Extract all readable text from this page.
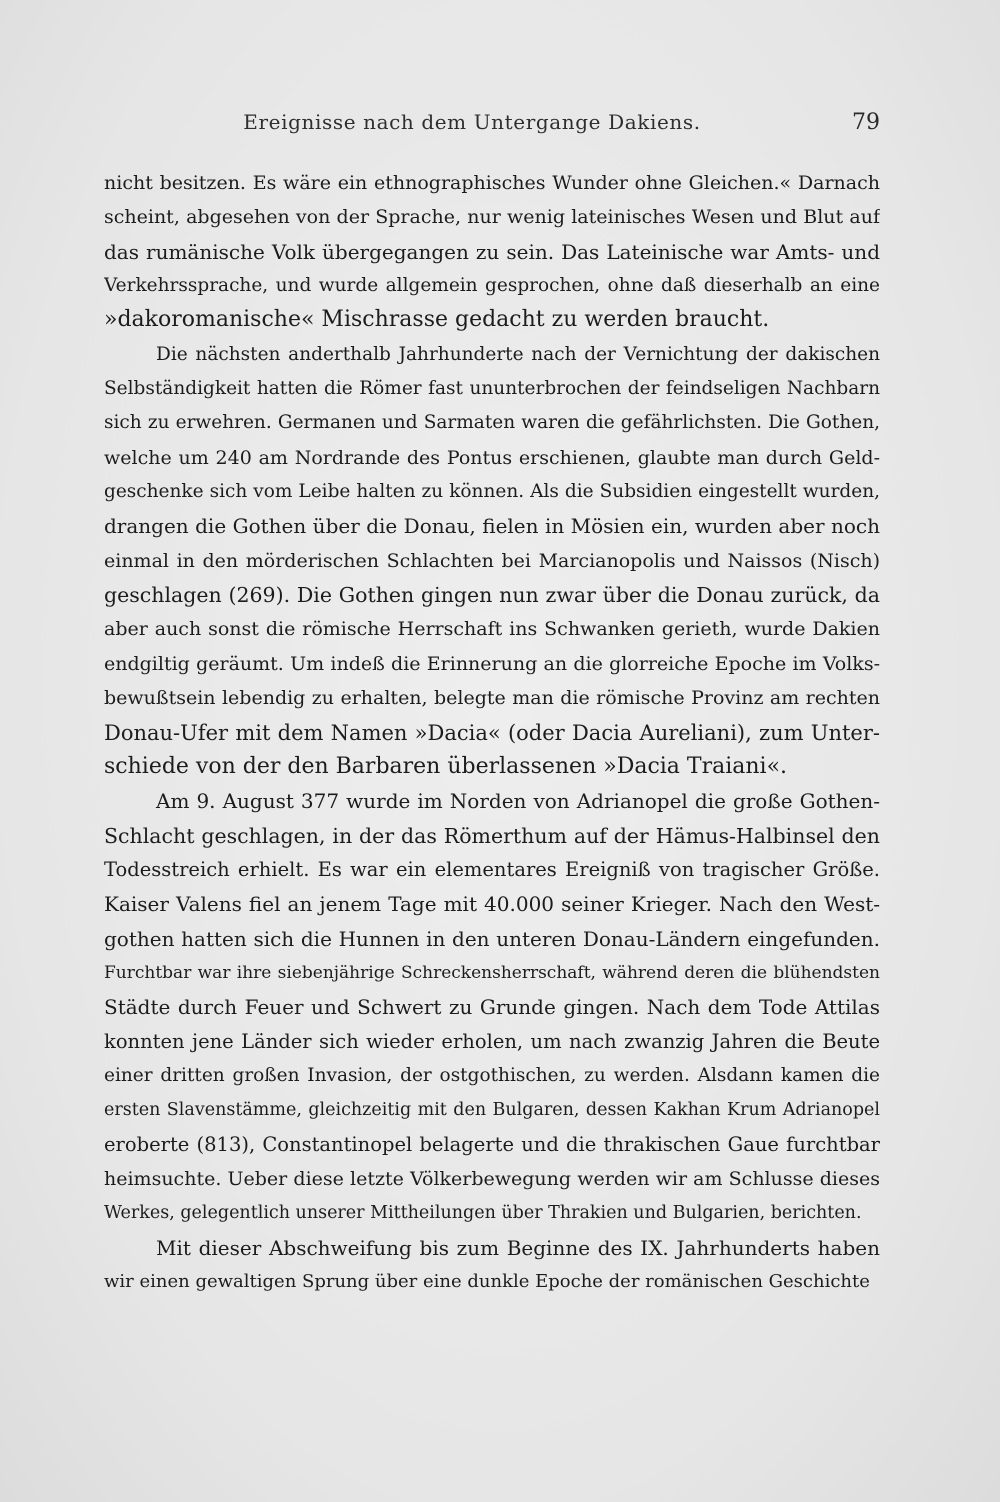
Ereignisse nach dem Untergange Dakiens.	79
nicht besitzen. Es wäre ein ethnographisches Wunder ohne Gleichen.« Darnach
scheint, abgesehen von der Sprache, nur wenig lateinisches Wesen und Blut auf
das rumänische Volk übergegangen zu sein. Das Lateinische war Amts- und
Verkehrssprache, und wurde allgemein gesprochen, ohne daß dieserhalb an eine
»dakoromanische« Mischrasse gedacht zu werden braucht.
Die nächsten anderthalb Jahrhunderte nach der Vernichtung der dakischen
Selbständigkeit hatten die Römer fast ununterbrochen der feindseligen Nachbarn
sich zu erwehren. Germanen und Sarmaten waren die gefährlichsten. Die Gothen,
welche um 240 am Nordrande des Pontus erschienen, glaubte man durch Geld-
geschenke sich vom Leibe halten zu können. Als die Subsidien eingestellt wurden,
drangen die Gothen über die Donau, fielen in Mösien ein, wurden aber noch
einmal in den mörderischen Schlachten bei Marcianopolis und Naissos (Nisch)
geschlagen (269). Die Gothen gingen nun zwar über die Donau zurück, da
aber auch sonst die römische Herrschaft ins Schwanken gerieth, wurde Dakien
endgiltig geräumt. Um indeß die Erinnerung an die glorreiche Epoche im Volks-
bewußtsein lebendig zu erhalten, belegte man die römische Provinz am rechten
Donau-Ufer mit dem Namen »Dacia« (oder Dacia Aureliani), zum Unter-
schiede von der den Barbaren überlassenen »Dacia Traiani«.
Am 9. August 377 wurde im Norden von Adrianopel die große Gothen-
Schlacht geschlagen, in der das Römerthum auf der Hämus-Halbinsel den
Todesstreich erhielt. Es war ein elementares Ereigniß von tragischer Größe.
Kaiser Valens fiel an jenem Tage mit 40.000 seiner Krieger. Nach den West-
gothen hatten sich die Hunnen in den unteren Donau-Ländern eingefunden.
Furchtbar war ihre siebenjährige Schreckensherrschaft, während deren die blühendsten
Städte durch Feuer und Schwert zu Grunde gingen. Nach dem Tode Attilas
konnten jene Länder sich wieder erholen, um nach zwanzig Jahren die Beute
einer dritten großen Invasion, der ostgothischen, zu werden. Alsdann kamen die
ersten Slavenstämme, gleichzeitig mit den Bulgaren, dessen Kakhan Krum Adrianopel
eroberte (813), Constantinopel belagerte und die thrakischen Gaue furchtbar
heimsuchte. Ueber diese letzte Völkerbewegung werden wir am Schlusse dieses
Werkes, gelegentlich unserer Mittheilungen über Thrakien und Bulgarien, berichten.
Mit dieser Abschweifung bis zum Beginne des IX. Jahrhunderts haben
wir einen gewaltigen Sprung über eine dunkle Epoche der romänischen Geschichte
